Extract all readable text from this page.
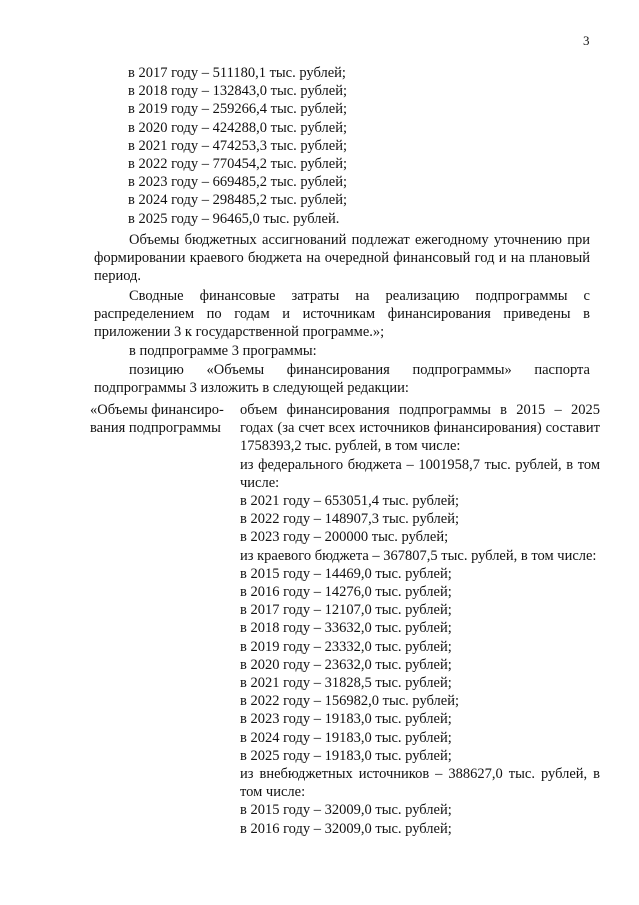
3
в 2017 году – 511180,1 тыс. рублей;
в 2018 году – 132843,0 тыс. рублей;
в 2019 году – 259266,4 тыс. рублей;
в 2020 году – 424288,0 тыс. рублей;
в 2021 году – 474253,3 тыс. рублей;
в 2022 году – 770454,2 тыс. рублей;
в 2023 году – 669485,2 тыс. рублей;
в 2024 году – 298485,2 тыс. рублей;
в 2025 году – 96465,0 тыс. рублей.

Объемы бюджетных ассигнований подлежат ежегодному уточнению при формировании краевого бюджета на очередной финансовый год и на плановый период.

Сводные финансовые затраты на реализацию подпрограммы с распределением по годам и источникам финансирования приведены в приложении 3 к государственной программе.»;

в подпрограмме 3 программы:

позицию «Объемы финансирования подпрограммы» паспорта подпрограммы 3 изложить в следующей редакции:

«Объемы финансиро-вания подпрограммы

объем финансирования подпрограммы в 2015 – 2025 годах (за счет всех источников финансирования) составит 1758393,2 тыс. рублей, в том числе:

из федерального бюджета – 1001958,7 тыс. рублей, в том числе:

в 2021 году – 653051,4 тыс. рублей;
в 2022 году – 148907,3 тыс. рублей;
в 2023 году – 200000 тыс. рублей;

из краевого бюджета – 367807,5 тыс. рублей, в том числе:

в 2015 году – 14469,0 тыс. рублей;
в 2016 году – 14276,0 тыс. рублей;
в 2017 году – 12107,0 тыс. рублей;
в 2018 году – 33632,0 тыс. рублей;
в 2019 году – 23332,0 тыс. рублей;
в 2020 году – 23632,0 тыс. рублей;
в 2021 году – 31828,5 тыс. рублей;
в 2022 году – 156982,0 тыс. рублей;
в 2023 году – 19183,0 тыс. рублей;
в 2024 году – 19183,0 тыс. рублей;
в 2025 году – 19183,0 тыс. рублей;

из внебюджетных источников – 388627,0 тыс. рублей, в том числе:

в 2015 году – 32009,0 тыс. рублей;
в 2016 году – 32009,0 тыс. рублей;
